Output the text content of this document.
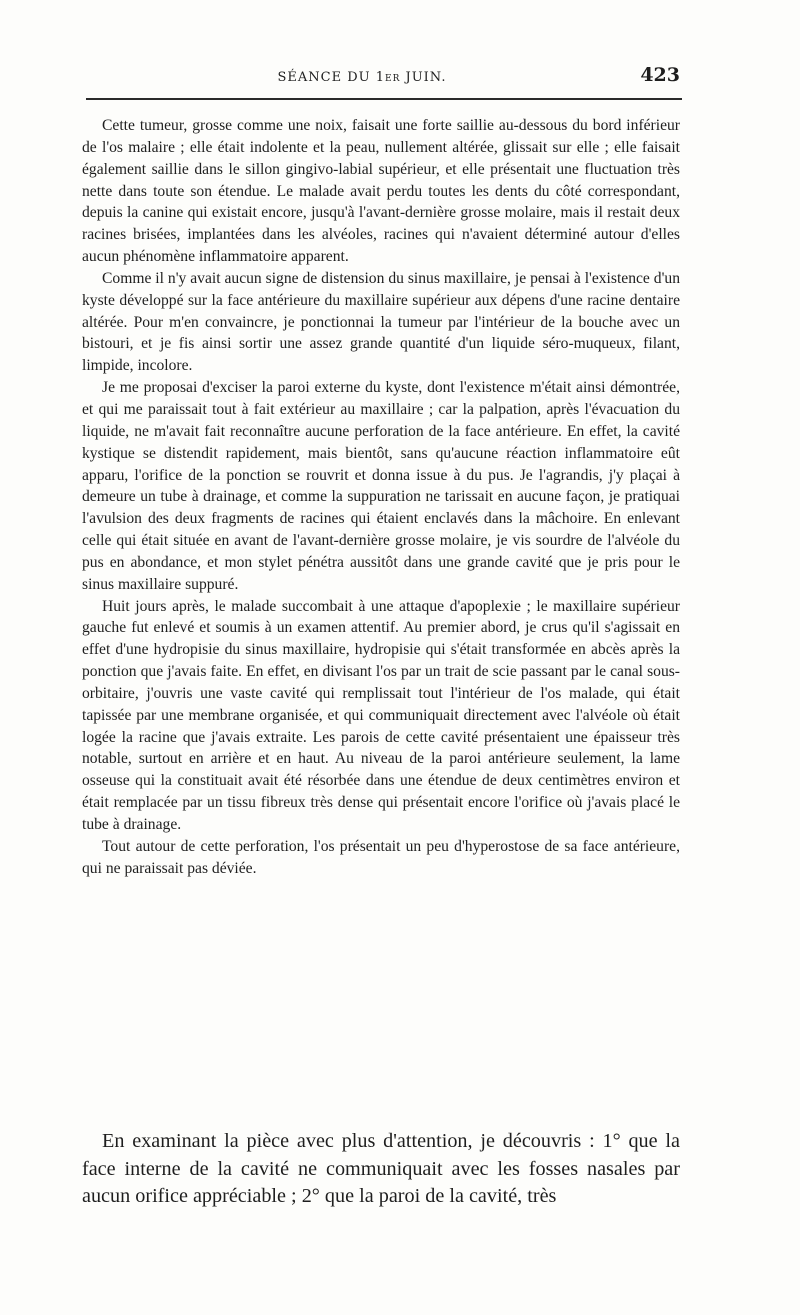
SÉANCE DU 1er JUIN.	423

Cette tumeur, grosse comme une noix, faisait une forte saillie au-dessous du bord inférieur de l'os malaire ; elle était indolente et la peau, nullement altérée, glissait sur elle ; elle faisait également saillie dans le sillon gingivo-labial supérieur, et elle présentait une fluctuation très nette dans toute son étendue. Le malade avait perdu toutes les dents du côté correspondant, depuis la canine qui existait encore, jusqu'à l'avant-dernière grosse molaire, mais il restait deux racines brisées, implantées dans les alvéoles, racines qui n'avaient déterminé autour d'elles aucun phénomène inflammatoire apparent.

Comme il n'y avait aucun signe de distension du sinus maxillaire, je pensai à l'existence d'un kyste développé sur la face antérieure du maxillaire supérieur aux dépens d'une racine dentaire altérée. Pour m'en convaincre, je ponctionnai la tumeur par l'intérieur de la bouche avec un bistouri, et je fis ainsi sortir une assez grande quantité d'un liquide séro-muqueux, filant, limpide, incolore.

Je me proposai d'exciser la paroi externe du kyste, dont l'existence m'était ainsi démontrée, et qui me paraissait tout à fait extérieur au maxillaire ; car la palpation, après l'évacuation du liquide, ne m'avait fait reconnaître aucune perforation de la face antérieure. En effet, la cavité kystique se distendit rapidement, mais bientôt, sans qu'aucune réaction inflammatoire eût apparu, l'orifice de la ponction se rouvrit et donna issue à du pus. Je l'agrandis, j'y plaçai à demeure un tube à drainage, et comme la suppuration ne tarissait en aucune façon, je pratiquai l'avulsion des deux fragments de racines qui étaient enclavés dans la mâchoire. En enlevant celle qui était située en avant de l'avant-dernière grosse molaire, je vis sourdre de l'alvéole du pus en abondance, et mon stylet pénétra aussitôt dans une grande cavité que je pris pour le sinus maxillaire suppuré.

Huit jours après, le malade succombait à une attaque d'apoplexie ; le maxillaire supérieur gauche fut enlevé et soumis à un examen attentif. Au premier abord, je crus qu'il s'agissait en effet d'une hydropisie du sinus maxillaire, hydropisie qui s'était transformée en abcès après la ponction que j'avais faite. En effet, en divisant l'os par un trait de scie passant par le canal sous-orbitaire, j'ouvris une vaste cavité qui remplissait tout l'intérieur de l'os malade, qui était tapissée par une membrane organisée, et qui communiquait directement avec l'alvéole où était logée la racine que j'avais extraite. Les parois de cette cavité présentaient une épaisseur très notable, surtout en arrière et en haut. Au niveau de la paroi antérieure seulement, la lame osseuse qui la constituait avait été résorbée dans une étendue de deux centimètres environ et était remplacée par un tissu fibreux très dense qui présentait encore l'orifice où j'avais placé le tube à drainage.

Tout autour de cette perforation, l'os présentait un peu d'hyperostose de sa face antérieure, qui ne paraissait pas déviée.

En examinant la pièce avec plus d'attention, je découvris : 1° que la face interne de la cavité ne communiquait avec les fosses nasales par aucun orifice appréciable ; 2° que la paroi de la cavité, très
